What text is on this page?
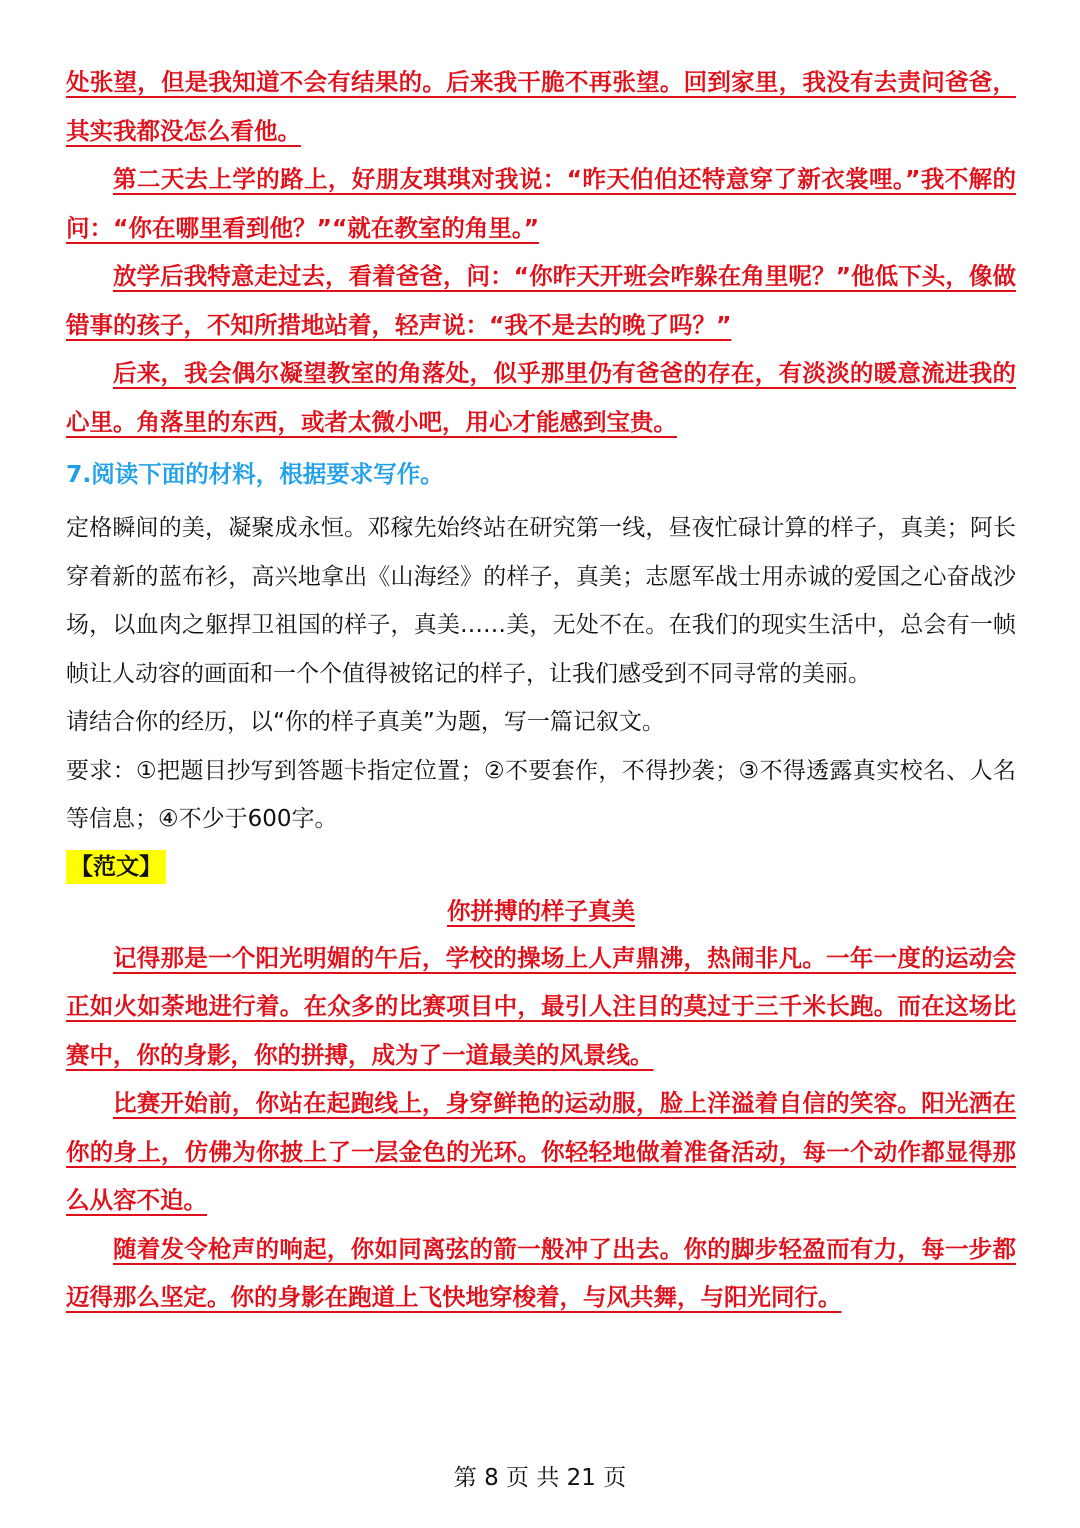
处张望，但是我知道不会有结果的。后来我干脆不再张望。回到家里，我没有去责问爸爸，其实我都没怎么看他。

第二天去上学的路上，好朋友琪琪对我说：“昨天伯伯还特意穿了新衣裳哩。”我不解的问：“你在哪里看到他？”“就在教室的角里。”

放学后我特意走过去，看着爸爸，问：“你昨天开班会咋躲在角里呢？”他低下头，像做错事的孩子，不知所措地站着，轻声说：“我不是去的晚了吗？”

后来，我会偶尔凝望教室的角落处，似乎那里仍有爸爸的存在，有淡淡的暖意流进我的心里。角落里的东西，或者太微小吧，用心才能感到宝贵。

7.阅读下面的材料，根据要求写作。

定格瞬间的美，凝聚成永恒。邓稼先始终站在研究第一线，昼夜忙碌计算的样子，真美；阿长穿着新的蓝布衫，高兴地拿出《山海经》的样子，真美；志愿军战士用赤诚的爱国之心奋战沙场，以血肉之躯捍卫祖国的样子，真美……美，无处不在。在我们的现实生活中，总会有一帧帧让人动容的画面和一个个值得被铭记的样子，让我们感受到不同寻常的美丽。

请结合你的经历，以“你的样子真美”为题，写一篇记叙文。

要求：①把题目抄写到答题卡指定位置；②不要套作，不得抄袭；③不得透露真实校名、人名等信息；④不少于600字。

【范文】

你拼搏的样子真美

记得那是一个阳光明媚的午后，学校的操场上人声鼎沸，热闹非凡。一年一度的运动会正如火如荼地进行着。在众多的比赛项目中，最引人注目的莫过于三千米长跑。而在这场比赛中，你的身影，你的拼搏，成为了一道最美的风景线。

比赛开始前，你站在起跑线上，身穿鲜艳的运动服，脸上洋溢着自信的笑容。阳光洒在你的身上，仿佛为你披上了一层金色的光环。你轻轻地做着准备活动，每一个动作都显得那么从容不迫。

随着发令枪声的响起，你如同离弦的箭一般冲了出去。你的脚步轻盈而有力，每一步都迈得那么坚定。你的身影在跑道上飞快地穿梭着，与风共舞，与阳光同行。

第 8 页 共 21 页
